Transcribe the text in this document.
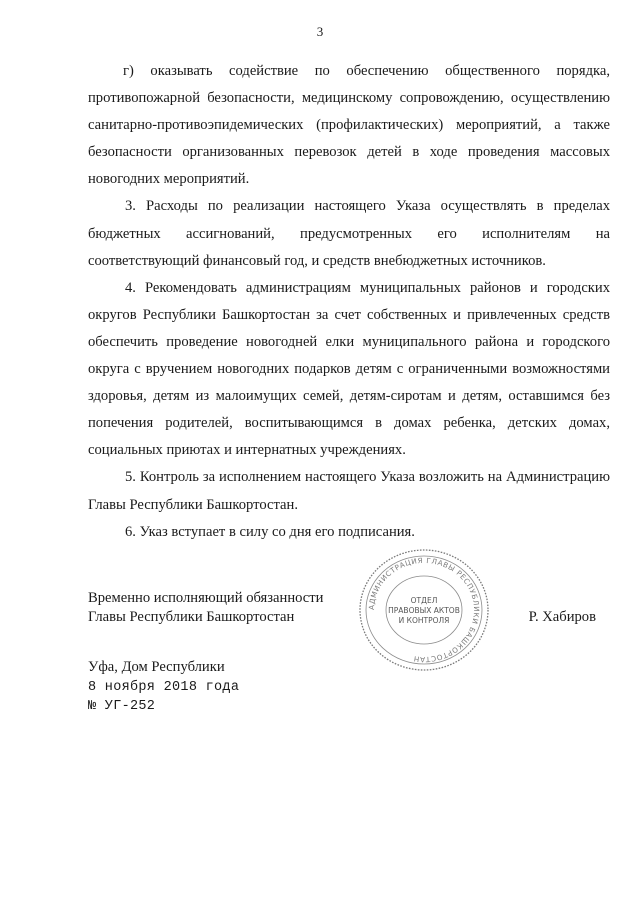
3

г) оказывать содействие по обеспечению общественного порядка, противопожарной безопасности, медицинскому сопровождению, осуществлению санитарно-противоэпидемических (профилактических) мероприятий, а также безопасности организованных перевозок детей в ходе проведения массовых новогодних мероприятий.

3. Расходы по реализации настоящего Указа осуществлять в пределах бюджетных ассигнований, предусмотренных его исполнителям на соответствующий финансовый год, и средств внебюджетных источников.

4. Рекомендовать администрациям муниципальных районов и городских округов Республики Башкортостан за счет собственных и привлеченных средств обеспечить проведение новогодней елки муниципального района и городского округа с вручением новогодних подарков детям с ограниченными возможностями здоровья, детям из малоимущих семей, детям-сиротам и детям, оставшимся без попечения родителей, воспитывающимся в домах ребенка, детских домах, социальных приютах и интернатных учреждениях.

5. Контроль за исполнением настоящего Указа возложить на Администрацию Главы Республики Башкортостан.

6. Указ вступает в силу со дня его подписания.

Временно исполняющий обязанности
Главы Республики Башкортостан	Р. Хабиров
АДМИНИСТРАЦИЯ ГЛАВЫ РЕСПУБЛИКИ БАШКОРТОСТАН
ОТДЕЛ
ПРАВОВЫХ АКТОВ
И КОНТРОЛЯ
Уфа, Дом Республики
8 ноября 2018 года
№ УГ-252
